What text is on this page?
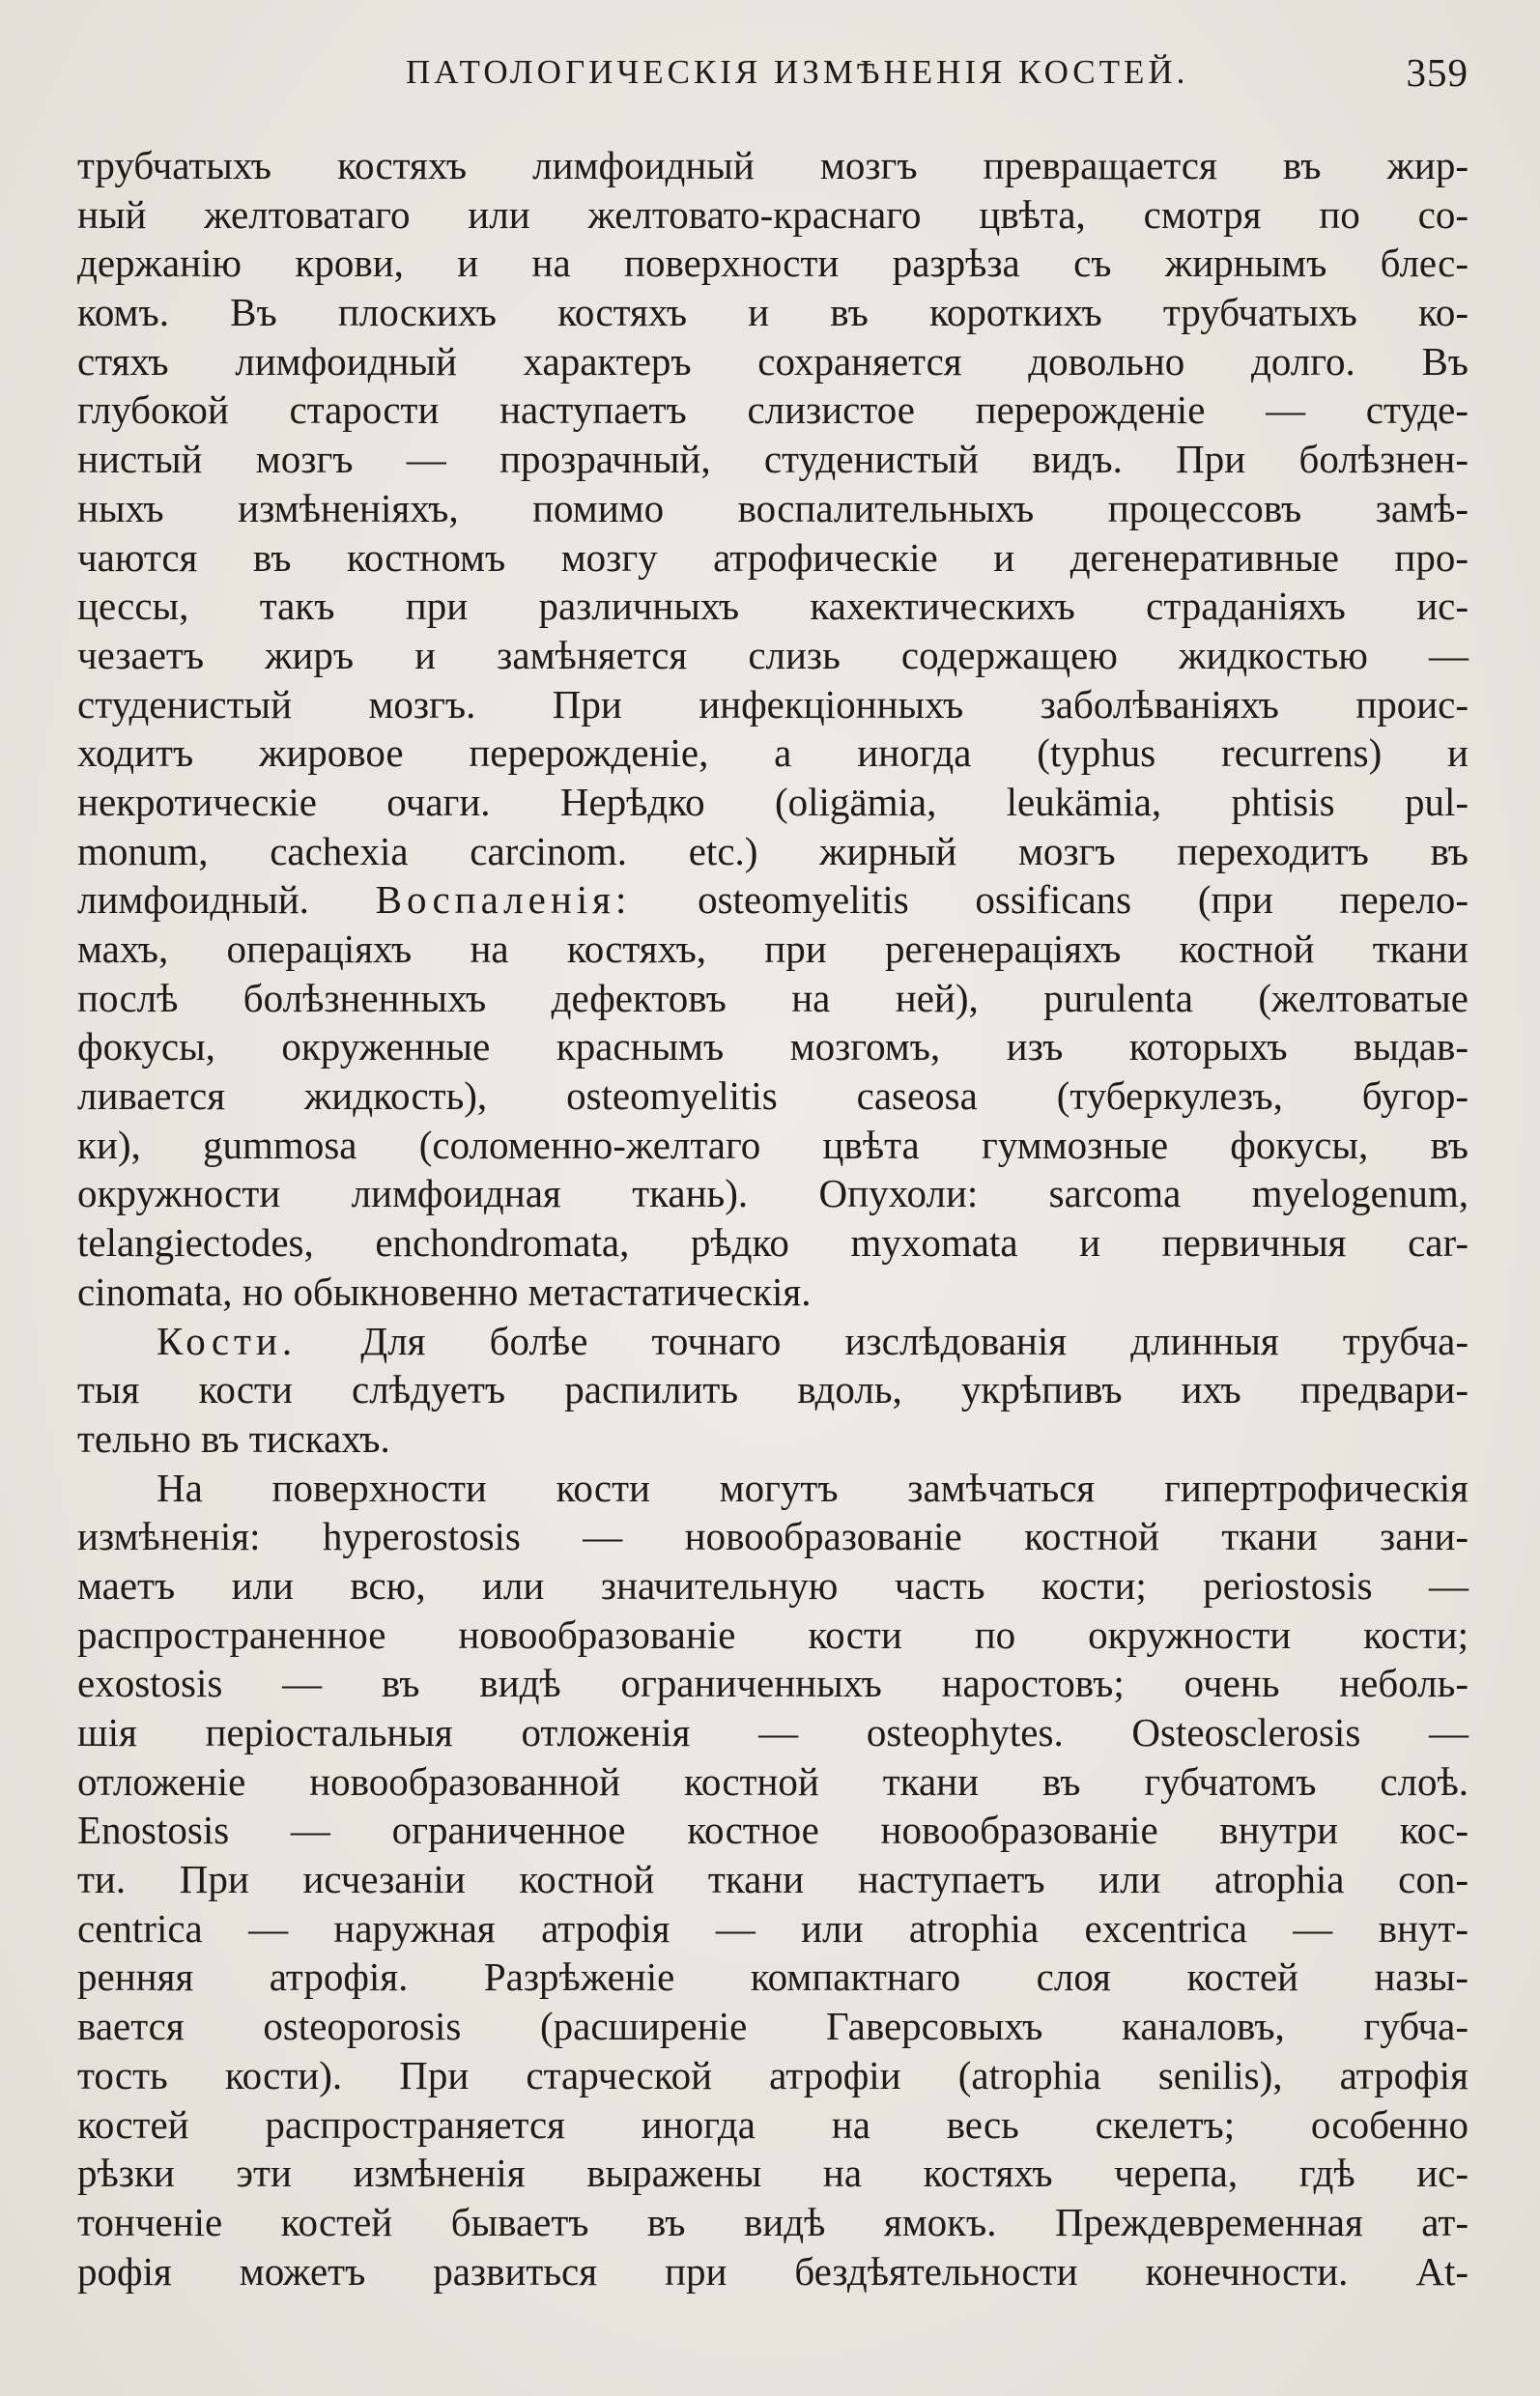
ПАТОЛОГИЧЕСКІЯ ИЗМѢНЕНІЯ КОСТЕЙ.	359
трубчатыхъ костяхъ лимфоидный мозгъ превращается въ жир-
ный желтоватаго или желтовато-краснаго цвѣта, смотря по со-
держанію крови, и на поверхности разрѣза съ жирнымъ блес-
комъ. Въ плоскихъ костяхъ и въ короткихъ трубчатыхъ ко-
стяхъ лимфоидный характеръ сохраняется довольно долго. Въ
глубокой старости наступаетъ слизистое перерожденіе — студе-
нистый мозгъ — прозрачный, студенистый видъ. При болѣзнен-
ныхъ измѣненіяхъ, помимо воспалительныхъ процессовъ замѣ-
чаются въ костномъ мозгу атрофическіе и дегенеративные про-
цессы, такъ при различныхъ кахектическихъ страданіяхъ ис-
чезаетъ жиръ и замѣняется слизь содержащею жидкостью —
студенистый мозгъ. При инфекціонныхъ заболѣваніяхъ проис-
ходитъ жировое перерожденіе, а иногда (typhus recurrens) и
некротическіе очаги. Нерѣдко (oligämia, leukämia, phtisis pul-
monum, cachexia carcinom. etc.) жирный мозгъ переходитъ въ
лимфоидный. Воспаленія: osteomyelitis ossificans (при перело-
махъ, операціяхъ на костяхъ, при регенераціяхъ костной ткани
послѣ болѣзненныхъ дефектовъ на ней), purulenta (желтоватые
фокусы, окруженные краснымъ мозгомъ, изъ которыхъ выдав-
ливается жидкость), osteomyelitis caseosa (туберкулезъ, бугор-
ки), gummosa (соломенно-желтаго цвѣта гуммозные фокусы, въ
окружности лимфоидная ткань). Опухоли: sarcoma myelogenum,
telangiectodes, enchondromata, рѣдко myxomata и первичныя car-
cinomata, но обыкновенно метастатическія.
Кости. Для болѣе точнаго изслѣдованія длинныя трубча-
тыя кости слѣдуетъ распилить вдоль, укрѣпивъ ихъ предвари-
тельно въ тискахъ.
На поверхности кости могутъ замѣчаться гипертрофическія
измѣненія: hyperostosis — новообразованіе костной ткани зани-
маетъ или всю, или значительную часть кости; periostosis —
распространенное новообразованіе кости по окружности кости;
exostosis — въ видѣ ограниченныхъ наростовъ; очень неболь-
шія періостальныя отложенія — osteophytes. Osteosclerosis —
отложеніе новообразованной костной ткани въ губчатомъ слоѣ.
Enostosis — ограниченное костное новообразованіе внутри кос-
ти. При исчезаніи костной ткани наступаетъ или atrophia con-
centrica — наружная атрофія — или atrophia excentrica — внут-
ренняя атрофія. Разрѣженіе компактнаго слоя костей назы-
вается osteoporosis (расширеніе Гаверсовыхъ каналовъ, губча-
тость кости). При старческой атрофіи (atrophia senilis), атрофія
костей распространяется иногда на весь скелетъ; особенно
рѣзки эти измѣненія выражены на костяхъ черепа, гдѣ ис-
тонченіе костей бываетъ въ видѣ ямокъ. Преждевременная ат-
рофія можетъ развиться при бездѣятельности конечности. At-
